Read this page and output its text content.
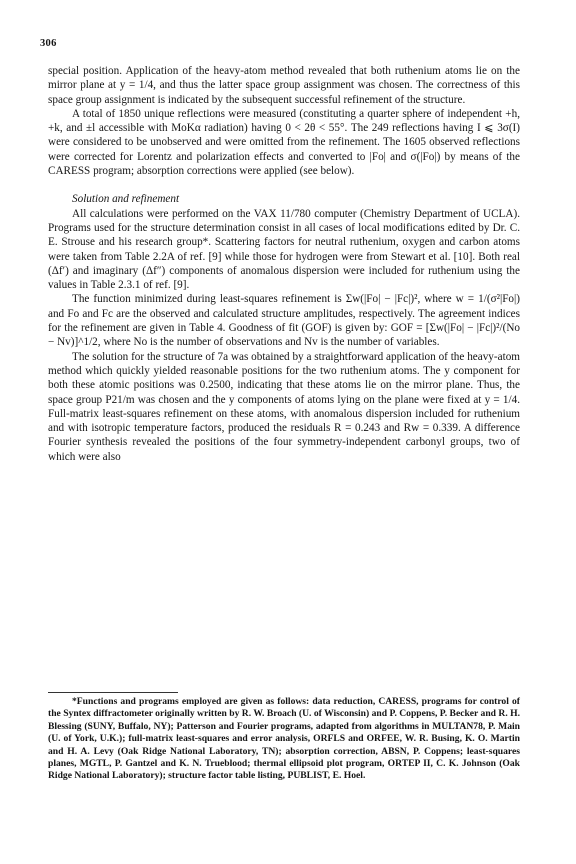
306

special position. Application of the heavy-atom method revealed that both ruthenium atoms lie on the mirror plane at y = 1/4, and thus the latter space group assignment was chosen. The correctness of this space group assignment is indicated by the subsequent successful refinement of the structure.

A total of 1850 unique reflections were measured (constituting a quarter sphere of independent +h, +k, and ±l accessible with MoKα radiation) having 0 < 2θ < 55°. The 249 reflections having I ⩽ 3σ(I) were considered to be unobserved and were omitted from the refinement. The 1605 observed reflections were corrected for Lorentz and polarization effects and converted to |Fo| and σ(|Fo|) by means of the CARESS program; absorption corrections were applied (see below).

Solution and refinement

All calculations were performed on the VAX 11/780 computer (Chemistry Department of UCLA). Programs used for the structure determination consist in all cases of local modifications edited by Dr. C. E. Strouse and his research group*. Scattering factors for neutral ruthenium, oxygen and carbon atoms were taken from Table 2.2A of ref. [9] while those for hydrogen were from Stewart et al. [10]. Both real (Δf′) and imaginary (Δf″) components of anomalous dispersion were included for ruthenium using the values in Table 2.3.1 of ref. [9].

The function minimized during least-squares refinement is Σw(|Fo| − |Fc|)², where w = 1/(σ²|Fo|) and Fo and Fc are the observed and calculated structure amplitudes, respectively. The agreement indices for the refinement are given in Table 4. Goodness of fit (GOF) is given by: GOF = [Σw(|Fo| − |Fc|)²/(No − Nv)]^1/2, where No is the number of observations and Nv is the number of variables.

The solution for the structure of 7a was obtained by a straightforward application of the heavy-atom method which quickly yielded reasonable positions for the two ruthenium atoms. The y component for both these atomic positions was 0.2500, indicating that these atoms lie on the mirror plane. Thus, the space group P21/m was chosen and the y components of atoms lying on the plane were fixed at y = 1/4. Full-matrix least-squares refinement on these atoms, with anomalous dispersion included for ruthenium and with isotropic temperature factors, produced the residuals R = 0.243 and Rw = 0.339. A difference Fourier synthesis revealed the positions of the four symmetry-independent carbonyl groups, two of which were also

*Functions and programs employed are given as follows: data reduction, CARESS, programs for control of the Syntex diffractometer originally written by R. W. Broach (U. of Wisconsin) and P. Coppens, P. Becker and R. H. Blessing (SUNY, Buffalo, NY); Patterson and Fourier programs, adapted from algorithms in MULTAN78, P. Main (U. of York, U.K.); full-matrix least-squares and error analysis, ORFLS and ORFEE, W. R. Busing, K. O. Martin and H. A. Levy (Oak Ridge National Laboratory, TN); absorption correction, ABSN, P. Coppens; least-squares planes, MGTL, P. Gantzel and K. N. Trueblood; thermal ellipsoid plot program, ORTEP II, C. K. Johnson (Oak Ridge National Laboratory); structure factor table listing, PUBLIST, E. Hoel.
